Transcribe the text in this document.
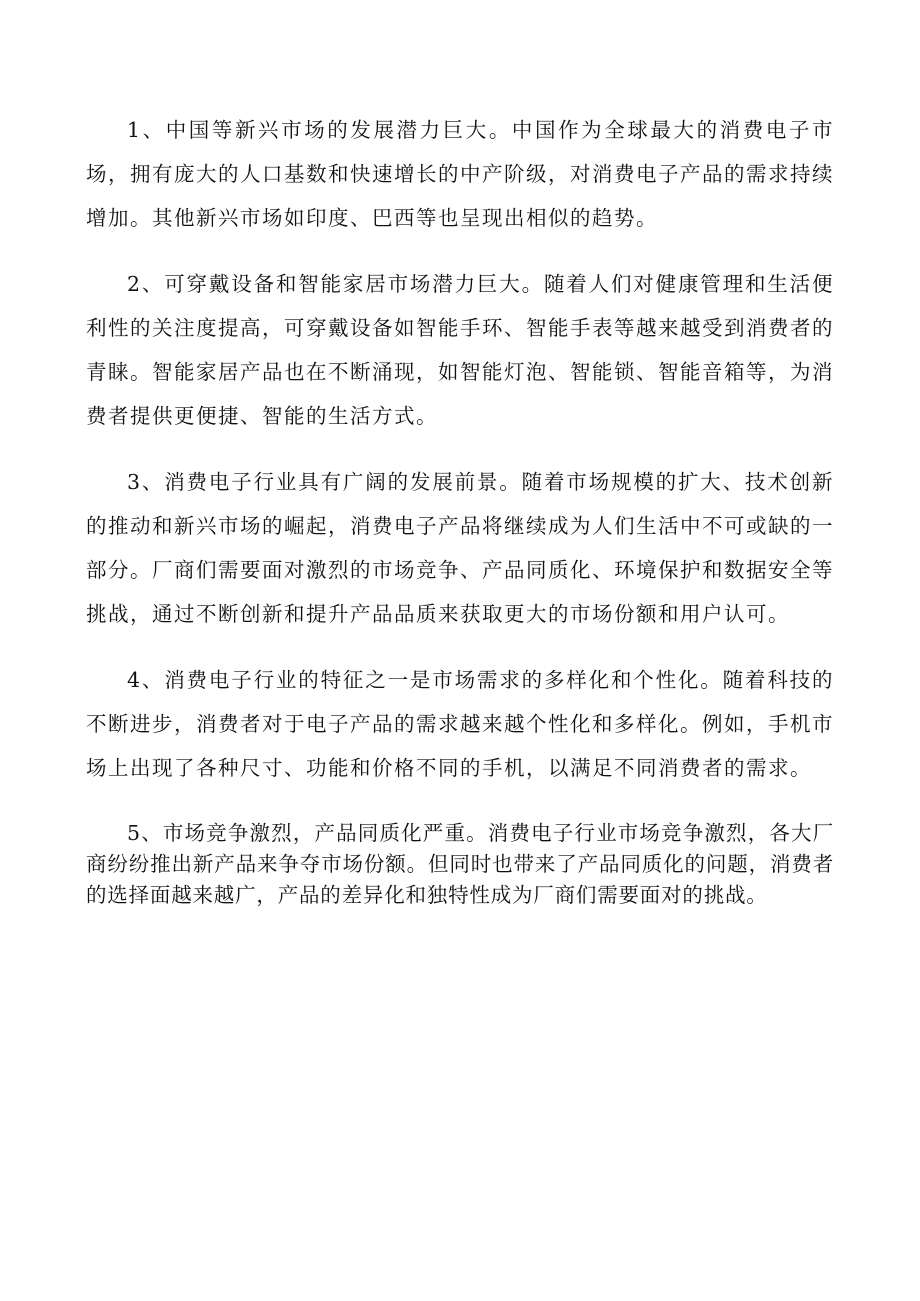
1、中国等新兴市场的发展潜力巨大。中国作为全球最大的消费电子市场，拥有庞大的人口基数和快速增长的中产阶级，对消费电子产品的需求持续增加。其他新兴市场如印度、巴西等也呈现出相似的趋势。

2、可穿戴设备和智能家居市场潜力巨大。随着人们对健康管理和生活便利性的关注度提高，可穿戴设备如智能手环、智能手表等越来越受到消费者的青睐。智能家居产品也在不断涌现，如智能灯泡、智能锁、智能音箱等，为消费者提供更便捷、智能的生活方式。

3、消费电子行业具有广阔的发展前景。随着市场规模的扩大、技术创新的推动和新兴市场的崛起，消费电子产品将继续成为人们生活中不可或缺的一部分。厂商们需要面对激烈的市场竞争、产品同质化、环境保护和数据安全等挑战，通过不断创新和提升产品品质来获取更大的市场份额和用户认可。

4、消费电子行业的特征之一是市场需求的多样化和个性化。随着科技的不断进步，消费者对于电子产品的需求越来越个性化和多样化。例如，手机市场上出现了各种尺寸、功能和价格不同的手机，以满足不同消费者的需求。

5、市场竞争激烈，产品同质化严重。消费电子行业市场竞争激烈，各大厂商纷纷推出新产品来争夺市场份额。但同时也带来了产品同质化的问题，消费者的选择面越来越广，产品的差异化和独特性成为厂商们需要面对的挑战。
